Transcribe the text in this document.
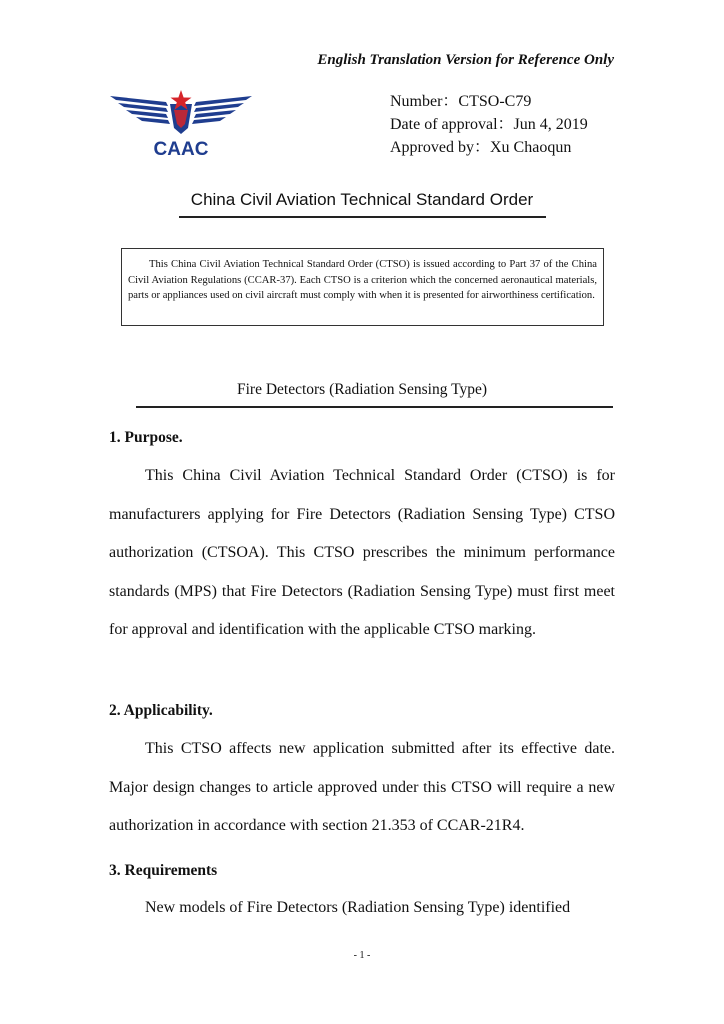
English Translation Version for Reference Only
CAAC
Number：CTSO-C79
Date of approval：Jun 4, 2019
Approved by：Xu Chaoqun
China Civil Aviation Technical Standard Order

This China Civil Aviation Technical Standard Order (CTSO) is issued according to Part 37 of the China Civil Aviation Regulations (CCAR-37). Each CTSO is a criterion which the concerned aeronautical materials, parts or appliances used on civil aircraft must comply with when it is presented for airworthiness certification.

Fire Detectors (Radiation Sensing Type)
1. Purpose.

This China Civil Aviation Technical Standard Order (CTSO) is for manufacturers applying for Fire Detectors (Radiation Sensing Type) CTSO authorization (CTSOA). This CTSO prescribes the minimum performance standards (MPS) that Fire Detectors (Radiation Sensing Type) must first meet for approval and identification with the applicable CTSO marking.

2. Applicability.

This CTSO affects new application submitted after its effective date. Major design changes to article approved under this CTSO will require a new authorization in accordance with section 21.353 of CCAR-21R4.

3. Requirements

New models of Fire Detectors (Radiation Sensing Type) identified

- 1 -
